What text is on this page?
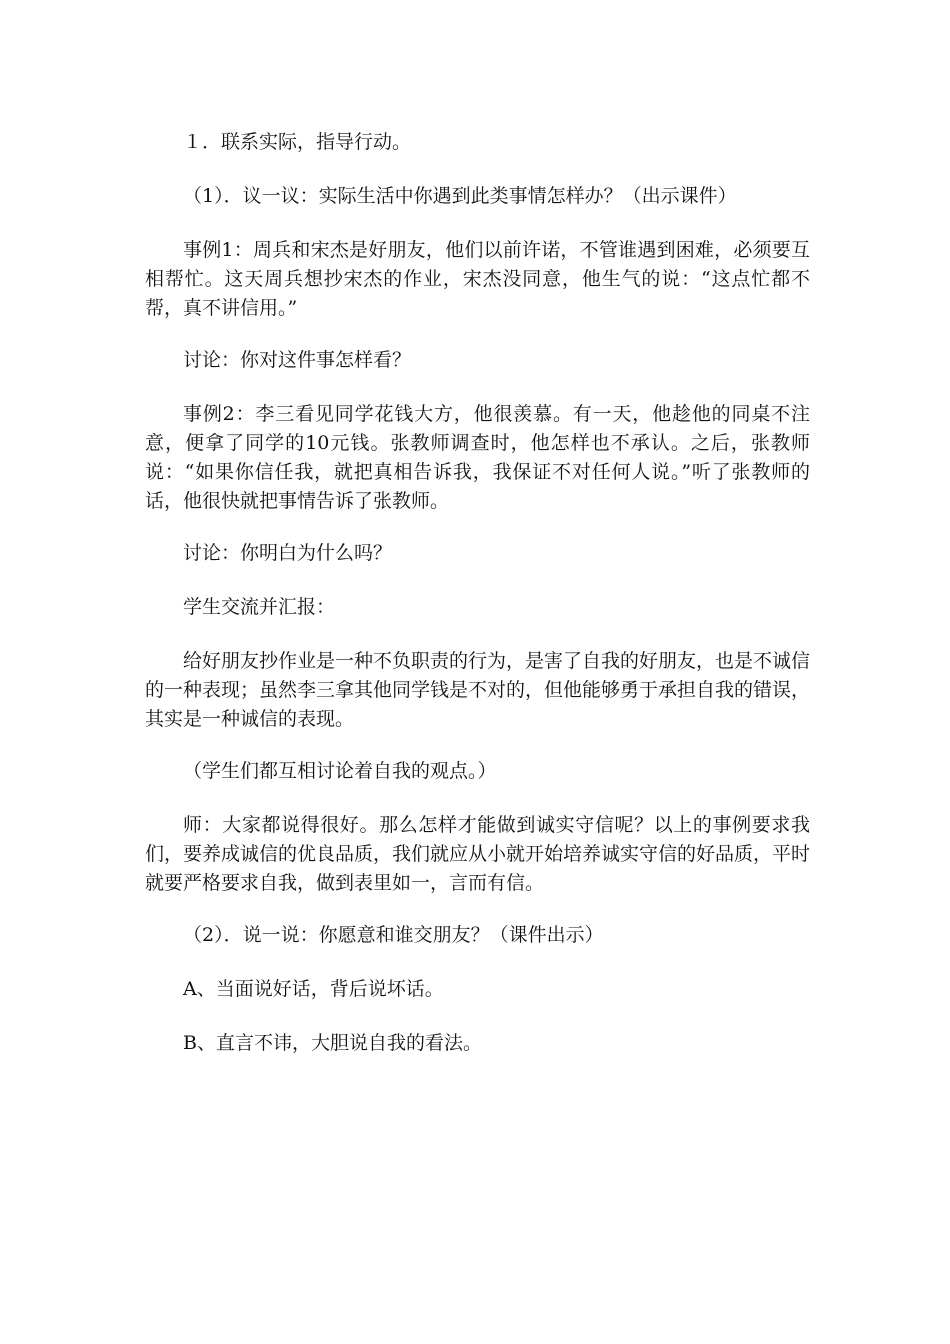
１．联系实际，指导行动。

（1）．议一议：实际生活中你遇到此类事情怎样办？（出示课件）

事例1：周兵和宋杰是好朋友，他们以前许诺，不管谁遇到困难，必须要互相帮忙。这天周兵想抄宋杰的作业，宋杰没同意，他生气的说：“这点忙都不帮，真不讲信用。”

讨论：你对这件事怎样看？

事例2：李三看见同学花钱大方，他很羡慕。有一天，他趁他的同桌不注意，便拿了同学的10元钱。张教师调查时，他怎样也不承认。之后，张教师说：“如果你信任我，就把真相告诉我，我保证不对任何人说。”听了张教师的话，他很快就把事情告诉了张教师。

讨论：你明白为什么吗？

学生交流并汇报：

给好朋友抄作业是一种不负职责的行为，是害了自我的好朋友，也是不诚信的一种表现；虽然李三拿其他同学钱是不对的，但他能够勇于承担自我的错误，其实是一种诚信的表现。

（学生们都互相讨论着自我的观点。）

师：大家都说得很好。那么怎样才能做到诚实守信呢？以上的事例要求我们，要养成诚信的优良品质，我们就应从小就开始培养诚实守信的好品质，平时就要严格要求自我，做到表里如一，言而有信。

（2）．说一说：你愿意和谁交朋友？（课件出示）

A、当面说好话，背后说坏话。

B、直言不讳，大胆说自我的看法。
